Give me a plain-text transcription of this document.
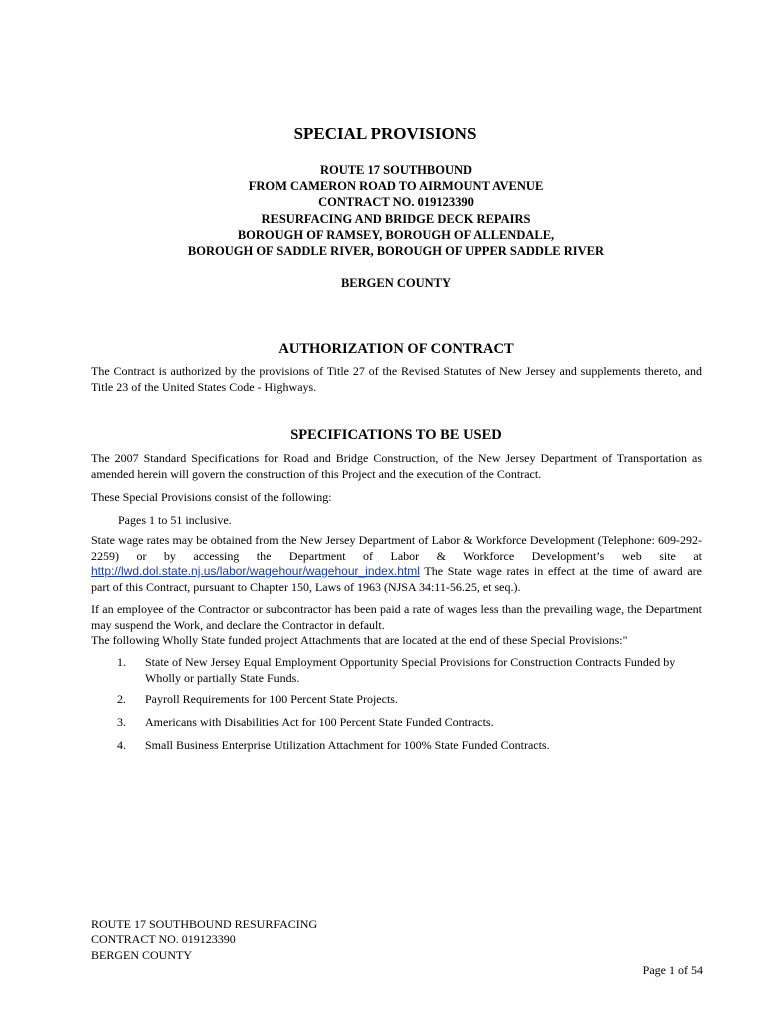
SPECIAL PROVISIONS
ROUTE 17 SOUTHBOUND
FROM CAMERON ROAD TO AIRMOUNT AVENUE
CONTRACT NO. 019123390
RESURFACING AND BRIDGE DECK REPAIRS
BOROUGH OF RAMSEY, BOROUGH OF ALLENDALE,
BOROUGH OF SADDLE RIVER, BOROUGH OF UPPER SADDLE RIVER
BERGEN COUNTY
AUTHORIZATION OF CONTRACT
The Contract is authorized by the provisions of Title 27 of the Revised Statutes of New Jersey and supplements thereto, and Title 23 of the United States Code - Highways.
SPECIFICATIONS TO BE USED
The 2007 Standard Specifications for Road and Bridge Construction, of the New Jersey Department of Transportation as amended herein will govern the construction of this Project and the execution of the Contract.
These Special Provisions consist of the following:
Pages 1 to 51 inclusive.
State wage rates may be obtained from the New Jersey Department of Labor & Workforce Development (Telephone: 609-292-2259) or by accessing the Department of Labor & Workforce Development’s web site at http://lwd.dol.state.nj.us/labor/wagehour/wagehour_index.html The State wage rates in effect at the time of award are part of this Contract, pursuant to Chapter 150, Laws of 1963 (NJSA 34:11-56.25, et seq.).
If an employee of the Contractor or subcontractor has been paid a rate of wages less than the prevailing wage, the Department may suspend the Work, and declare the Contractor in default.
The following Wholly State funded project Attachments that are located at the end of these Special Provisions:"
1. State of New Jersey Equal Employment Opportunity Special Provisions for Construction Contracts Funded by Wholly or partially State Funds.
2. Payroll Requirements for 100 Percent State Projects.
3. Americans with Disabilities Act for 100 Percent State Funded Contracts.
4. Small Business Enterprise Utilization Attachment for 100% State Funded Contracts.
ROUTE 17 SOUTHBOUND RESURFACING
CONTRACT NO. 019123390
BERGEN COUNTY
Page 1 of 54
